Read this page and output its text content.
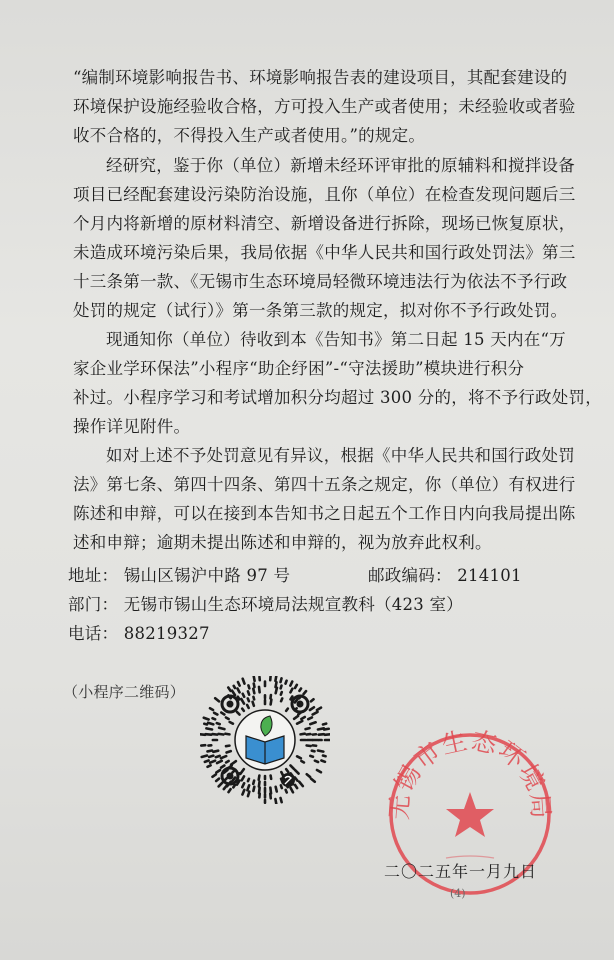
“编制环境影响报告书、环境影响报告表的建设项目，其配套建设的

环境保护设施经验收合格，方可投入生产或者使用；未经验收或者验

收不合格的，不得投入生产或者使用。”的规定。

经研究，鉴于你（单位）新增未经环评审批的原辅料和搅拌设备

项目已经配套建设污染防治设施，且你（单位）在检查发现问题后三

个月内将新增的原材料清空、新增设备进行拆除，现场已恢复原状，

未造成环境污染后果，我局依据《中华人民共和国行政处罚法》第三

十三条第一款、《无锡市生态环境局轻微环境违法行为依法不予行政

处罚的规定（试行）》第一条第三款的规定，拟对你不予行政处罚。

现通知你（单位）待收到本《告知书》第二日起 15 天内在“万

家企业学环保法”小程序“助企纾困”-“守法援助”模块进行积分

补过。小程序学习和考试增加积分均超过 300 分的，将不予行政处罚，

操作详见附件。

如对上述不予处罚意见有异议，根据《中华人民共和国行政处罚

法》第七条、第四十四条、第四十五条之规定，你（单位）有权进行

陈述和申辩，可以在接到本告知书之日起五个工作日内向我局提出陈

述和申辩；逾期未提出陈述和申辩的，视为放弃此权利。

地址： 锡山区锡沪中路 97 号	邮政编码： 214101

部门： 无锡市锡山生态环境局法规宣教科（423 室）

电话： 88219327

（小程序二维码）

无锡市生态环境局

二〇二五年一月九日

(4)
